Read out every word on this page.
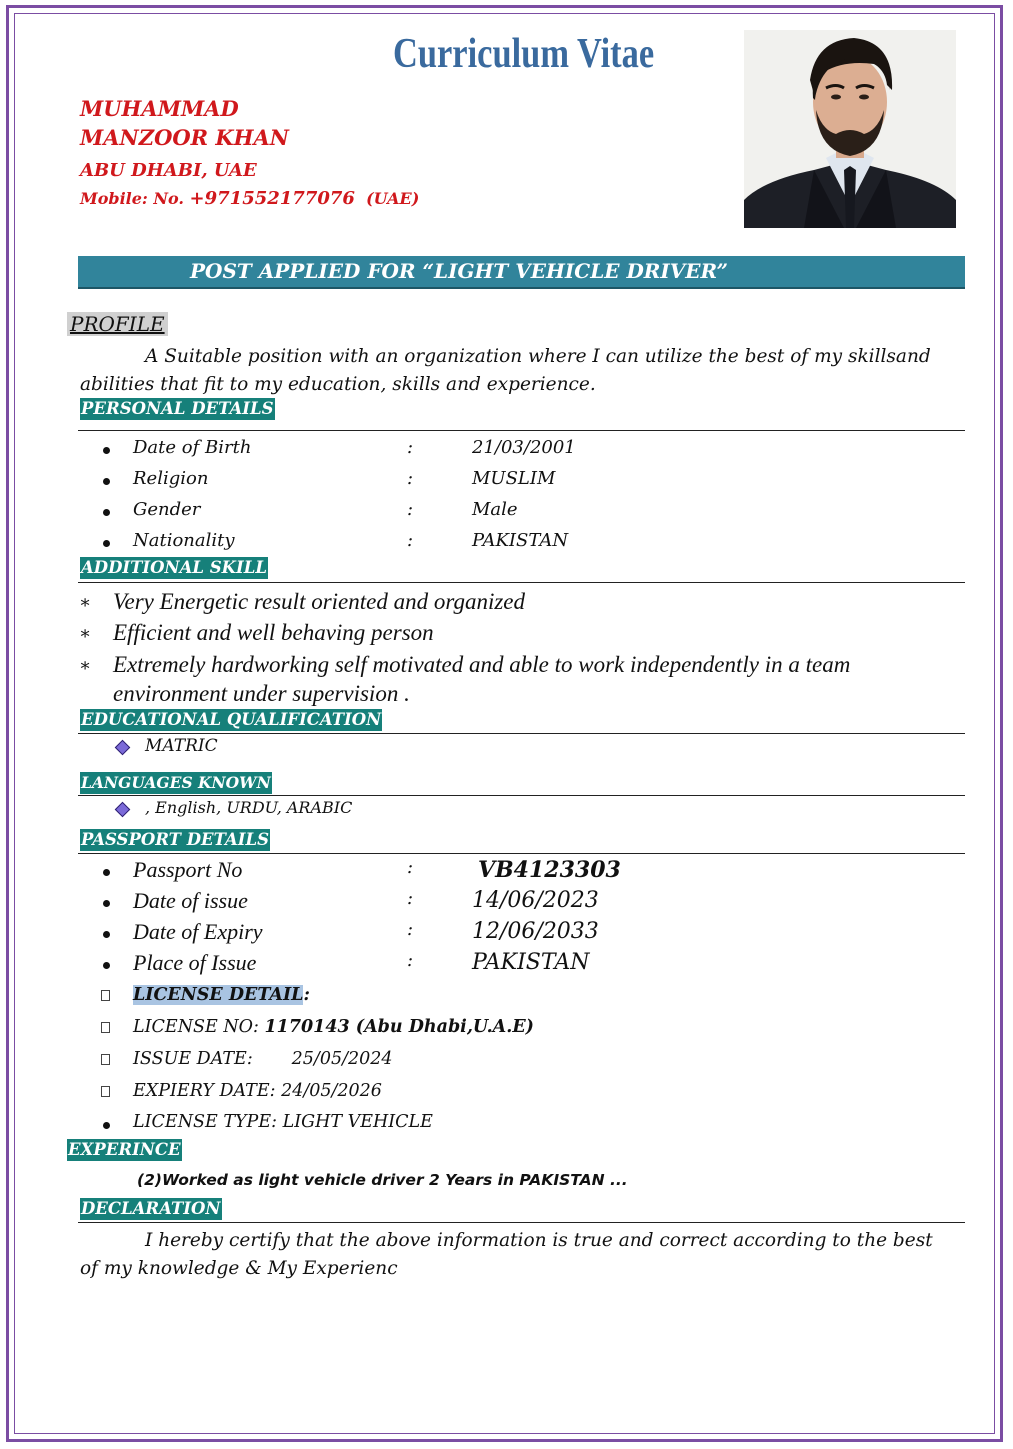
Curriculum Vitae
MUHAMMAD
MANZOOR KHAN
ABU DHABI, UAE
Mobile: No. +971552177076  (UAE)
POST APPLIED FOR “LIGHT VEHICLE DRIVER”
PROFILE
A Suitable position with an organization where I can utilize the best of my skillsand abilities that fit to my education, skills and experience.
PERSONAL DETAILS
Date of Birth	:	21/03/2001
Religion	:	MUSLIM
Gender	:	Male
Nationality	:	PAKISTAN
ADDITIONAL SKILL
∗ Very Energetic result oriented and organized
∗ Efficient and well behaving person
∗ Extremely hardworking self motivated and able to work independently in a team
environment under supervision .
EDUCATIONAL QUALIFICATION
MATRIC
LANGUAGES KNOWN
, English, URDU, ARABIC
PASSPORT DETAILS
Passport No	:	VB4123303
Date of issue	:	14/06/2023
Date of Expiry	:	12/06/2033
Place of Issue	:	PAKISTAN
LICENSE DETAIL:
LICENSE NO: 1170143 (Abu Dhabi,U.A.E)
ISSUE DATE:       25/05/2024
EXPIERY DATE: 24/05/2026
LICENSE TYPE: LIGHT VEHICLE
EXPERINCE
(2)Worked as light vehicle driver 2 Years in PAKISTAN ...
DECLARATION
I hereby certify that the above information is true and correct according to the best of my knowledge & My Experienc
